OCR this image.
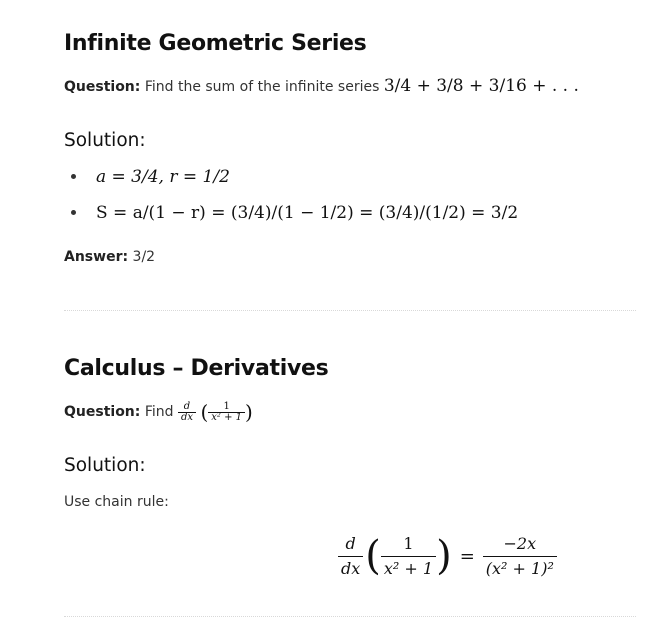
Infinite Geometric Series
Question: Find the sum of the infinite series 3/4 + 3/8 + 3/16 + . . .
Solution:
a = 3/4, r = 1/2
S = a/(1 − r) = (3/4)/(1 − 1/2) = (3/4)/(1/2) = 3/2
Answer: 3/2
Calculus – Derivatives
Question: Find $\frac{d}{dx}$ ( $\frac{1}{\text{x² + 1}}$ )
Solution:
Use chain rule:
$\frac{d}{dx}$ ( $\frac{1}{\text{x² + 1}}$ ) = $\frac{-2x}{\text{(x² + 1)²}}$
